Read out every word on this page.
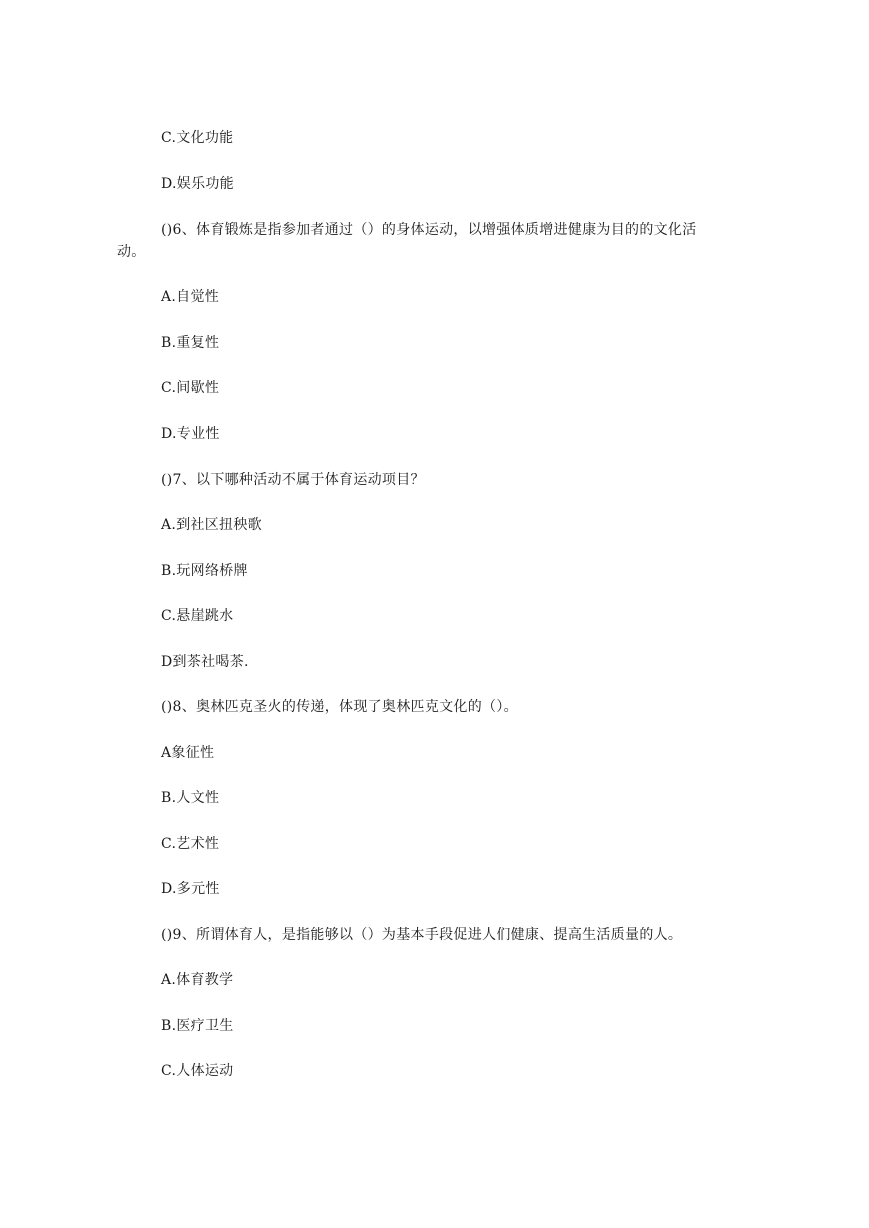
C.文化功能
D.娱乐功能
()6、体育锻炼是指参加者通过（）的身体运动，以增强体质增进健康为目的的文化活
动。
A.自觉性
B.重复性
C.间歇性
D.专业性
()7、以下哪种活动不属于体育运动项目？
A.到社区扭秧歌
B.玩网络桥牌
C.悬崖跳水
D到茶社喝茶.
()8、奥林匹克圣火的传递，体现了奥林匹克文化的（）。
A象征性
B.人文性
C.艺术性
D.多元性
()9、所谓体育人，是指能够以（）为基本手段促进人们健康、提高生活质量的人。
A.体育教学
B.医疗卫生
C.人体运动
